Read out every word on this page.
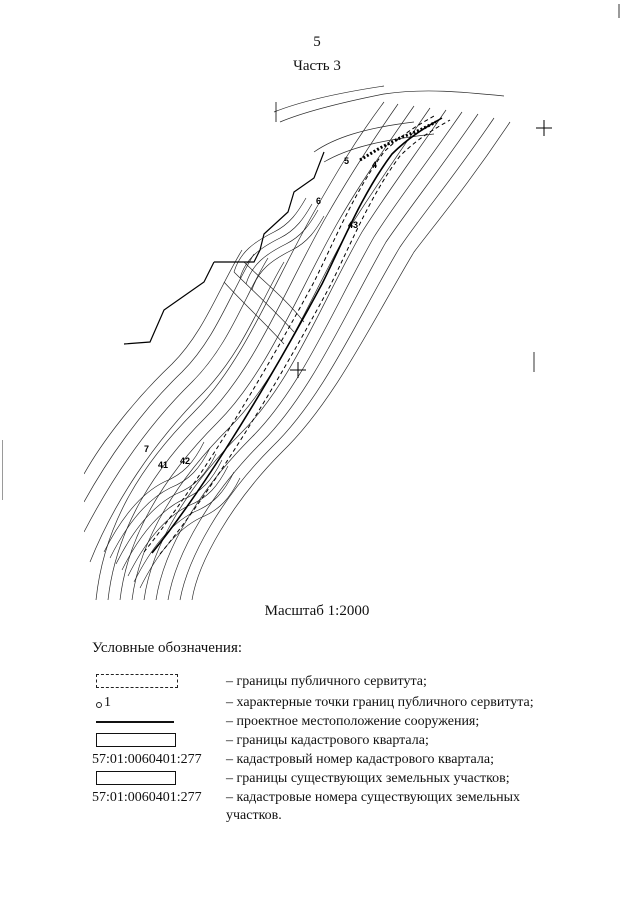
5
Часть 3
4
5
6
43
7
41 42
Масштаб 1:2000
Условные обозначения:
– границы публичного сервитута;
1	– характерные точки границ публичного сервитута;
– проектное местоположение сооружения;
– границы кадастрового квартала;
57:01:0060401:277 – кадастровый номер кадастрового квартала;
– границы существующих земельных участков;
57:01:0060401:277 – кадастровые номера существующих земельных участков.
